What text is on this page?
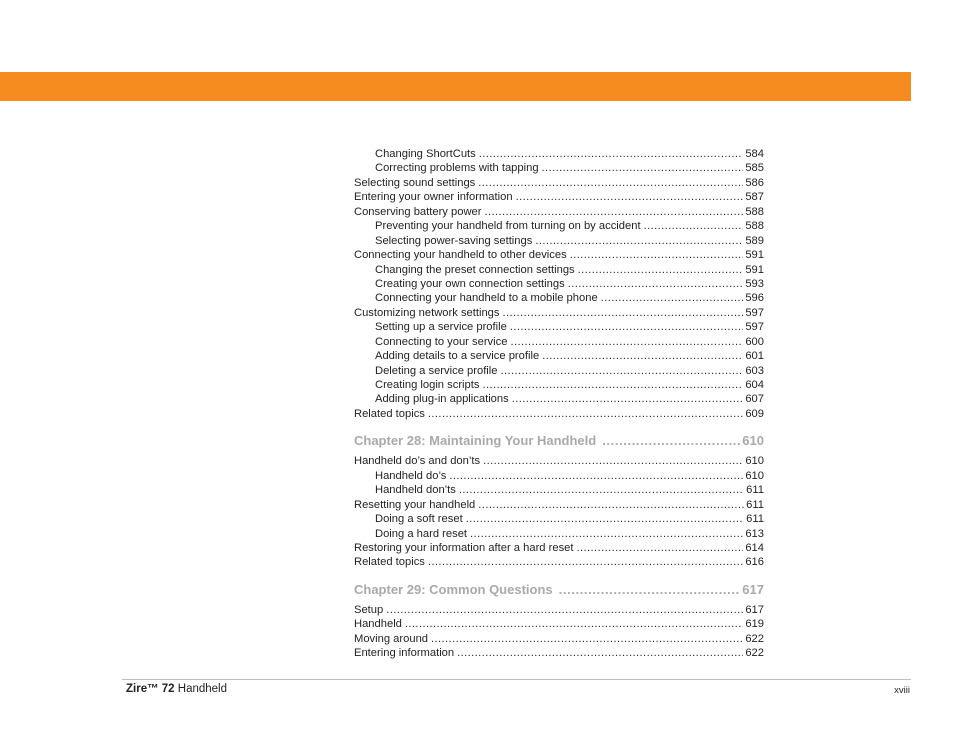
Changing ShortCuts .....	584
Correcting problems with tapping .....	585
Selecting sound settings .....	586
Entering your owner information .....	587
Conserving battery power .....	588
Preventing your handheld from turning on by accident .....	588
Selecting power-saving settings .....	589
Connecting your handheld to other devices .....	591
Changing the preset connection settings .....	591
Creating your own connection settings .....	593
Connecting your handheld to a mobile phone .....	596
Customizing network settings .....	597
Setting up a service profile .....	597
Connecting to your service .....	600
Adding details to a service profile .....	601
Deleting a service profile .....	603
Creating login scripts .....	604
Adding plug-in applications .....	607
Related topics .....	609
Chapter 28: Maintaining Your Handheld .....	610
Handheld do’s and don’ts .....	610
Handheld do’s .....	610
Handheld don’ts .....	611
Resetting your handheld .....	611
Doing a soft reset .....	611
Doing a hard reset .....	613
Restoring your information after a hard reset .....	614
Related topics .....	616
Chapter 29: Common Questions .....	617
Setup .....	617
Handheld .....	619
Moving around .....	622
Entering information .....	622
Zire™ 72 Handheld	xviii
